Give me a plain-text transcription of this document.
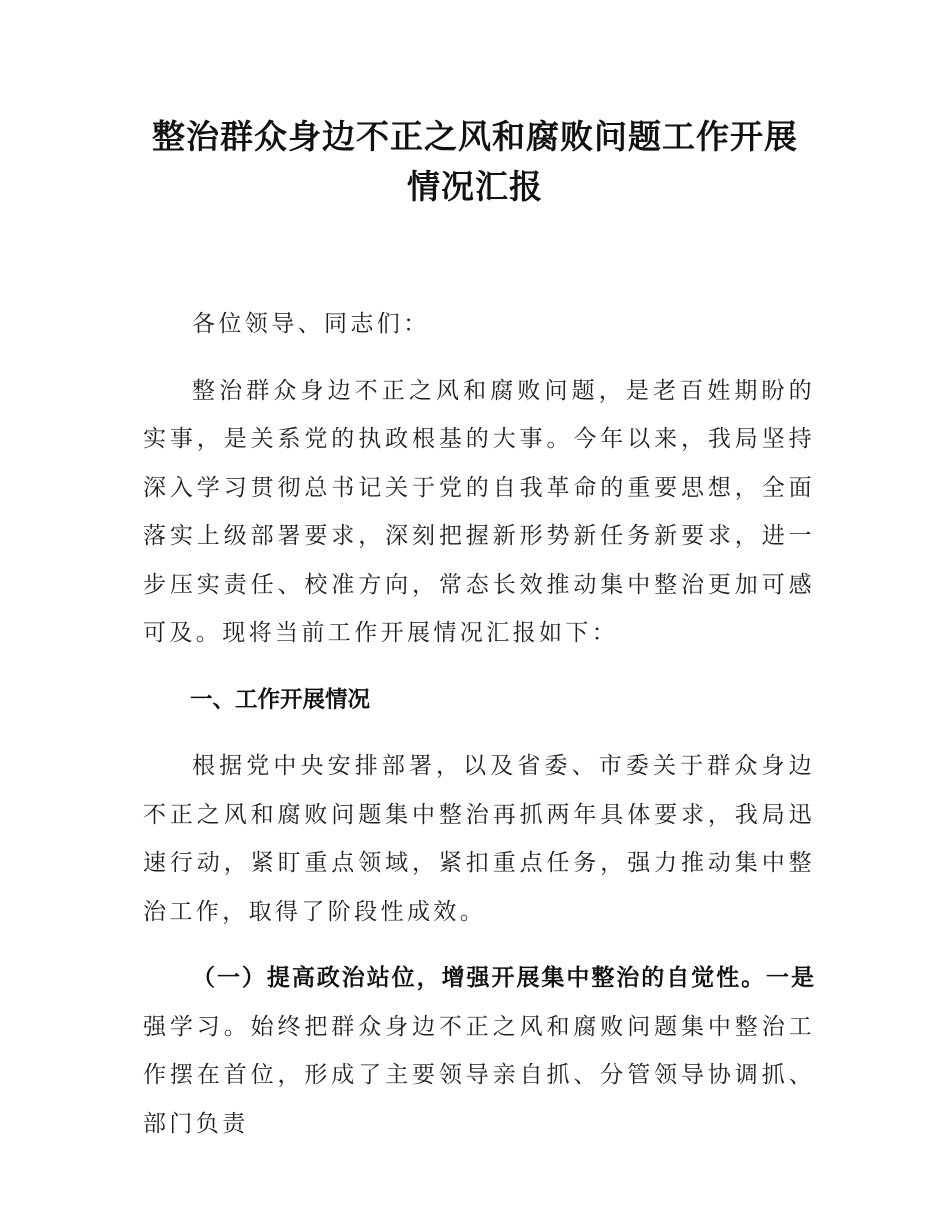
整治群众身边不正之风和腐败问题工作开展
情况汇报

各位领导、同志们：

整治群众身边不正之风和腐败问题，是老百姓期盼的实事，是关系党的执政根基的大事。今年以来，我局坚持深入学习贯彻总书记关于党的自我革命的重要思想，全面落实上级部署要求，深刻把握新形势新任务新要求，进一步压实责任、校准方向，常态长效推动集中整治更加可感可及。现将当前工作开展情况汇报如下：

一、工作开展情况

根据党中央安排部署，以及省委、市委关于群众身边不正之风和腐败问题集中整治再抓两年具体要求，我局迅速行动，紧盯重点领域，紧扣重点任务，强力推动集中整治工作，取得了阶段性成效。

（一）提高政治站位，增强开展集中整治的自觉性。一是强学习。始终把群众身边不正之风和腐败问题集中整治工作摆在首位，形成了主要领导亲自抓、分管领导协调抓、部门负责
